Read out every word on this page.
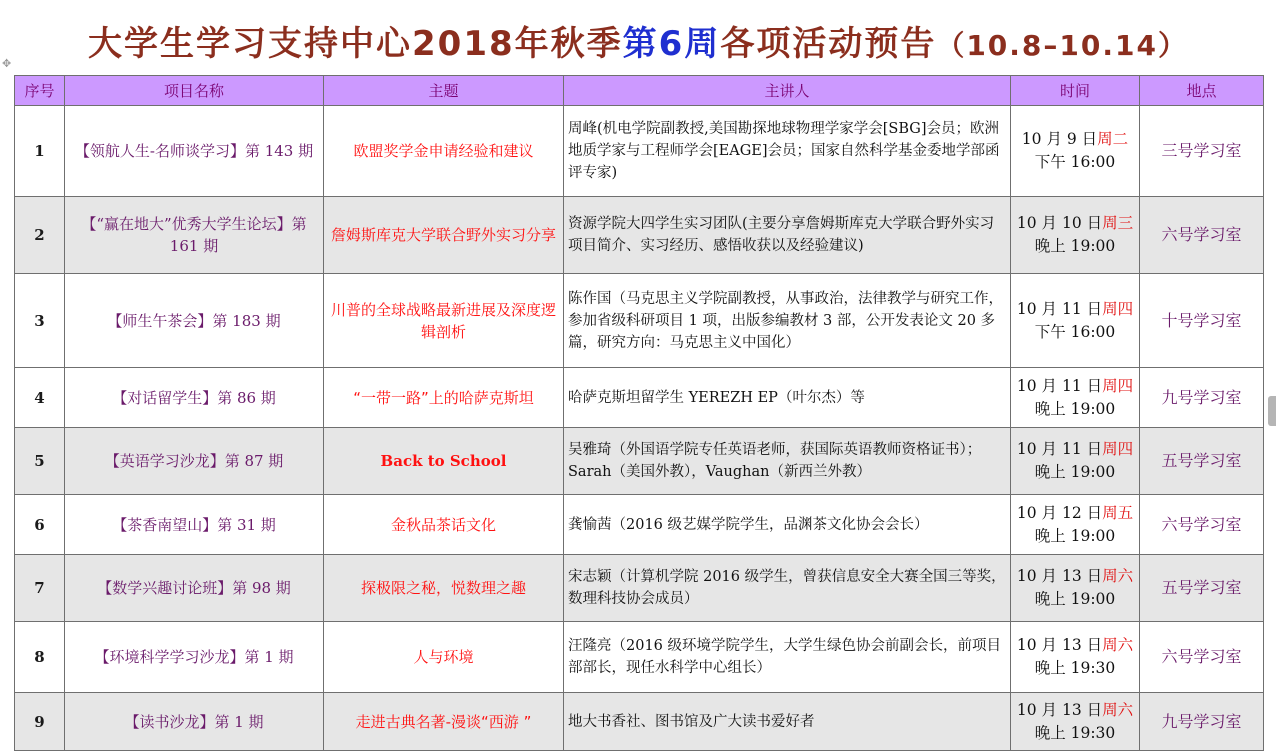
大学生学习支持中心2018年秋季第6周各项活动预告（10.8–10.14）
✥
序号	项目名称	主题	主讲人	时间	地点
1	【领航人生-名师谈学习】第 143 期	欧盟奖学金申请经验和建议	周峰(机电学院副教授,美国勘探地球物理学家学会[SBG]会员；欧洲地质学家与工程师学会[EAGE]会员；国家自然科学基金委地学部函评专家)	10 月 9 日周二
下午 16:00	三号学习室
2	【“赢在地大”优秀大学生论坛】第 161 期	詹姆斯库克大学联合野外实习分享	资源学院大四学生实习团队(主要分享詹姆斯库克大学联合野外实习项目简介、实习经历、感悟收获以及经验建议)	10 月 10 日周三
晚上 19:00	六号学习室
3	【师生午茶会】第 183 期	川普的全球战略最新进展及深度逻辑剖析	陈作国（马克思主义学院副教授，从事政治，法律教学与研究工作，参加省级科研项目 1 项，出版参编教材 3 部，公开发表论文 20 多篇，研究方向：马克思主义中国化）	10 月 11 日周四
下午 16:00	十号学习室
4	【对话留学生】第 86 期	“一带一路”上的哈萨克斯坦	哈萨克斯坦留学生 YEREZH EP（叶尔杰）等	10 月 11 日周四
晚上 19:00	九号学习室
5	【英语学习沙龙】第 87 期	Back to School	吴雅琦（外国语学院专任英语老师，获国际英语教师资格证书）；Sarah（美国外教），Vaughan（新西兰外教）	10 月 11 日周四
晚上 19:00	五号学习室
6	【茶香南望山】第 31 期	金秋品茶话文化	龚愉茜（2016 级艺媒学院学生，品渊茶文化协会会长）	10 月 12 日周五
晚上 19:00	六号学习室
7	【数学兴趣讨论班】第 98 期	探极限之秘，悦数理之趣	宋志颖（计算机学院 2016 级学生，曾获信息安全大赛全国三等奖，数理科技协会成员）	10 月 13 日周六
晚上 19:00	五号学习室
8	【环境科学学习沙龙】第 1 期	人与环境	汪隆亮（2016 级环境学院学生，大学生绿色协会前副会长，前项目部部长，现任水科学中心组长）	10 月 13 日周六
晚上 19:30	六号学习室
9	【读书沙龙】第 1 期	走进古典名著-漫谈“西游 ”	地大书香社、图书馆及广大读书爱好者	10 月 13 日周六
晚上 19:30	九号学习室
